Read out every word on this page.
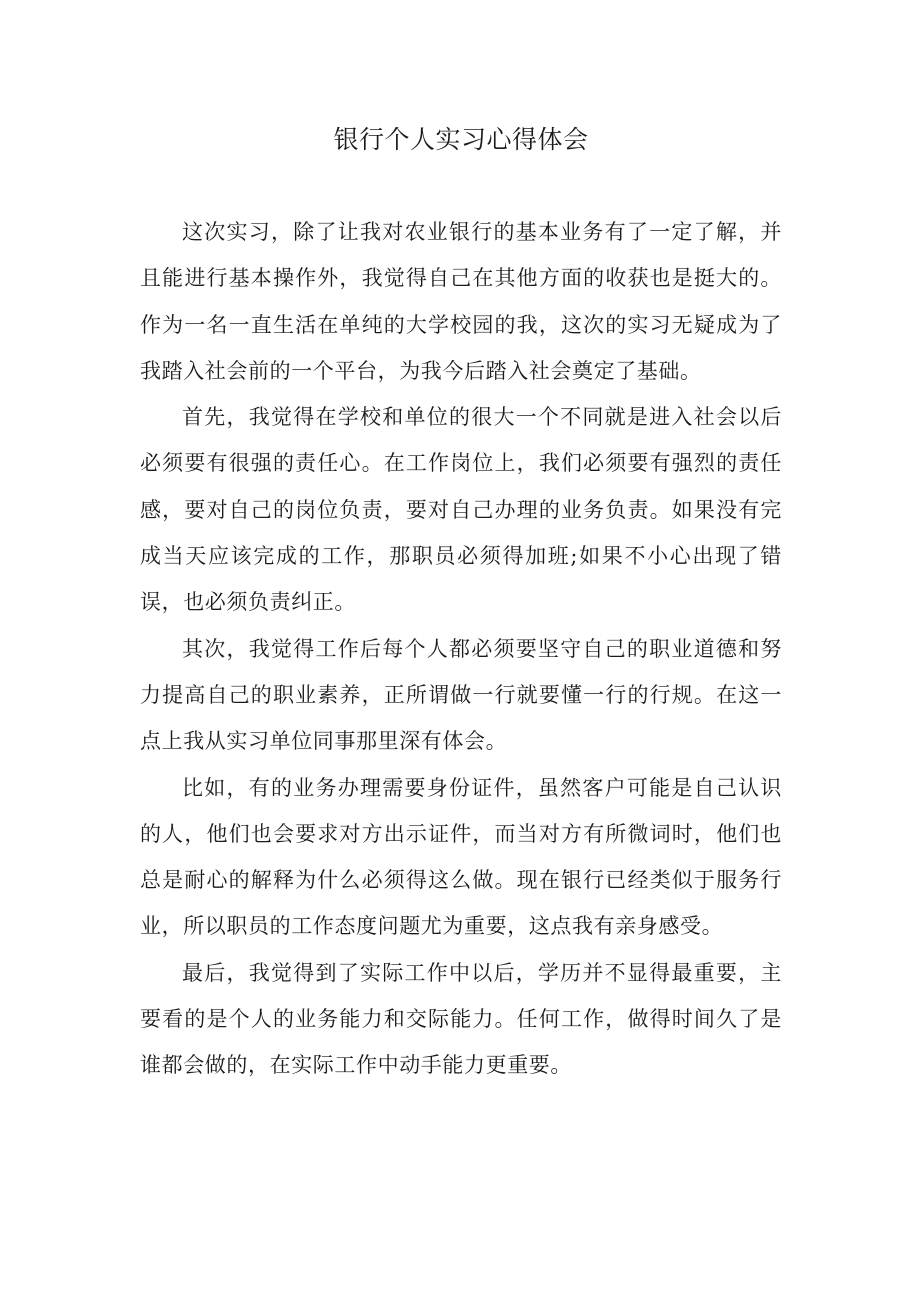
银行个人实习心得体会

这次实习，除了让我对农业银行的基本业务有了一定了解，并且能进行基本操作外，我觉得自己在其他方面的收获也是挺大的。作为一名一直生活在单纯的大学校园的我，这次的实习无疑成为了我踏入社会前的一个平台，为我今后踏入社会奠定了基础。

首先，我觉得在学校和单位的很大一个不同就是进入社会以后必须要有很强的责任心。在工作岗位上，我们必须要有强烈的责任感，要对自己的岗位负责，要对自己办理的业务负责。如果没有完成当天应该完成的工作，那职员必须得加班;如果不小心出现了错误，也必须负责纠正。

其次，我觉得工作后每个人都必须要坚守自己的职业道德和努力提高自己的职业素养，正所谓做一行就要懂一行的行规。在这一点上我从实习单位同事那里深有体会。

比如，有的业务办理需要身份证件，虽然客户可能是自己认识的人，他们也会要求对方出示证件，而当对方有所微词时，他们也总是耐心的解释为什么必须得这么做。现在银行已经类似于服务行业，所以职员的工作态度问题尤为重要，这点我有亲身感受。

最后，我觉得到了实际工作中以后，学历并不显得最重要，主要看的是个人的业务能力和交际能力。任何工作，做得时间久了是谁都会做的，在实际工作中动手能力更重要。
